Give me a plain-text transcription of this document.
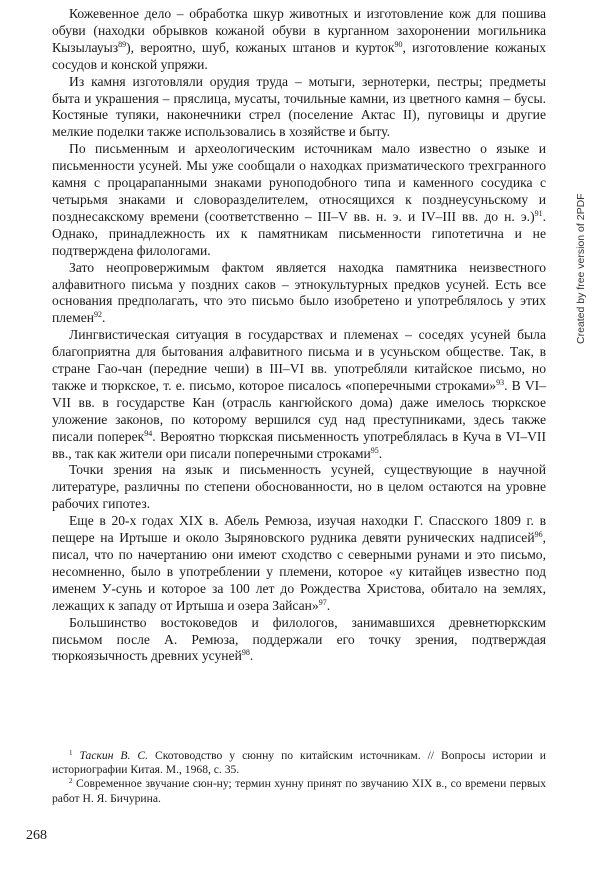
Кожевенное дело – обработка шкур животных и изготовление кож для пошива обуви (находки обрывков кожаной обуви в курганном захоронении могильника Кызылауыз$^{89}$), вероятно, шуб, кожаных штанов и курток$^{90}$, изготовление кожаных сосудов и конской упряжи.

Из камня изготовляли орудия труда – мотыги, зернотерки, пестры; предметы быта и украшения – пряслица, мусаты, точильные камни, из цветного камня – бусы. Костяные тупяки, наконечники стрел (поселение Актас II), пуговицы и другие мелкие поделки также использовались в хозяйстве и быту.

По письменным и археологическим источникам мало известно о языке и письменности усуней. Мы уже сообщали о находках призматического трехгранного камня с процарапанными знаками руноподобного типа и каменного сосудика с четырьмя знаками и словоразделителем, относящихся к позднеусуньскому и позднесакскому времени (соответственно – III–V вв. н. э. и IV–III вв. до н. э.)$^{91}$. Однако, принадлежность их к памятникам письменности гипотетична и не подтверждена филологами.

Зато неопровержимым фактом является находка памятника неизвестного алфавитного письма у поздних саков – этнокультурных предков усуней. Есть все основания предполагать, что это письмо было изобретено и употреблялось у этих племен$^{92}$.

Лингвистическая ситуация в государствах и племенах – соседях усуней была благоприятна для бытования алфавитного письма и в усуньском обществе. Так, в стране Гао-чан (передние чеши) в III–VI вв. употребляли китайское письмо, но также и тюркское, т. е. письмо, которое писалось «поперечными строками»$^{93}$. В VI–VII вв. в государстве Кан (отрасль кангюйского дома) даже имелось тюркское уложение законов, по которому вершился суд над преступниками, здесь также писали поперек$^{94}$. Вероятно тюркская письменность употреблялась в Куча в VI–VII вв., так как жители ори писали поперечными строками$^{95}$.

Точки зрения на язык и письменность усуней, существующие в научной литературе, различны по степени обоснованности, но в целом остаются на уровне рабочих гипотез.

Еще в 20-х годах XIX в. Абель Ремюза, изучая находки Г. Спасского 1809 г. в пещере на Иртыше и около Зыряновского рудника девяти рунических надписей$^{96}$, писал, что по начертанию они имеют сходство с северными рунами и это письмо, несомненно, было в употреблении у племени, которое «у китайцев известно под именем У-сунь и которое за 100 лет до Рождества Христова, обитало на землях, лежащих к западу от Иртыша и озера Зайсан»$^{97}$.

Большинство востоковедов и филологов, занимавшихся древнетюркским письмом после А. Ремюза, поддержали его точку зрения, подтверждая тюркоязычность древних усуней$^{98}$.

$^1$ Таскин В. С. Скотоводство у сюнну по китайским источникам. // Вопросы истории и историографии Китая. М., 1968, с. 35.

$^2$ Современное звучание сюн-ну; термин хунну принят по звучанию XIX в., со времени первых работ Н. Я. Бичурина.

268
Created by free version of 2PDF
